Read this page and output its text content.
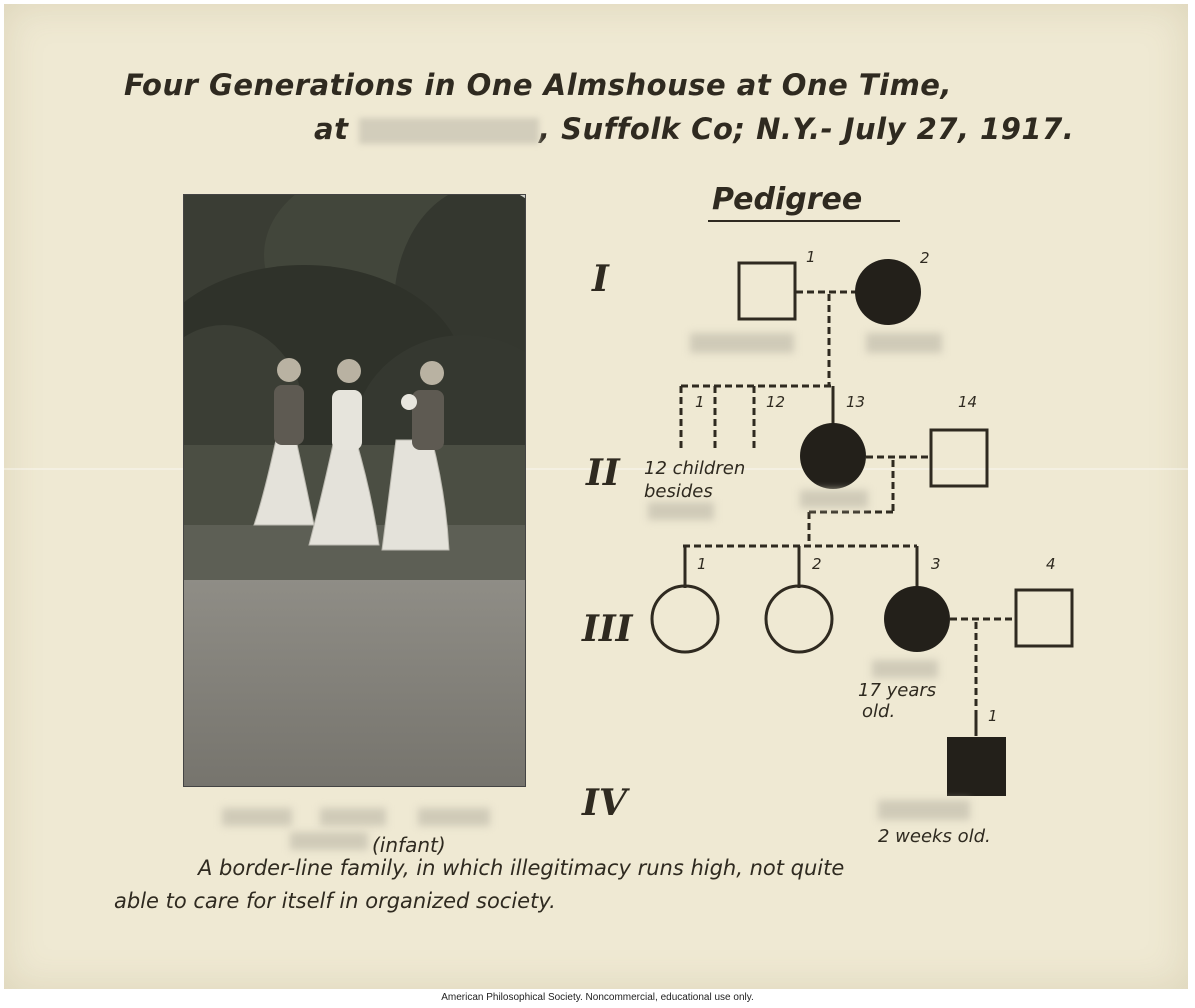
Four Generations in One Almshouse at One Time,

at	, Suffolk Co; N.Y.- July 27, 1917.

(infant)

Pedigree

I
II
III
IV

1	2

1	12	13	14

1	2	3	4

1

12 children

besides

17 years

old.

2 weeks old.

A border-line family, in which illegitimacy runs high, not quite

able to care for itself in organized society.

American Philosophical Society. Noncommercial, educational use only.
